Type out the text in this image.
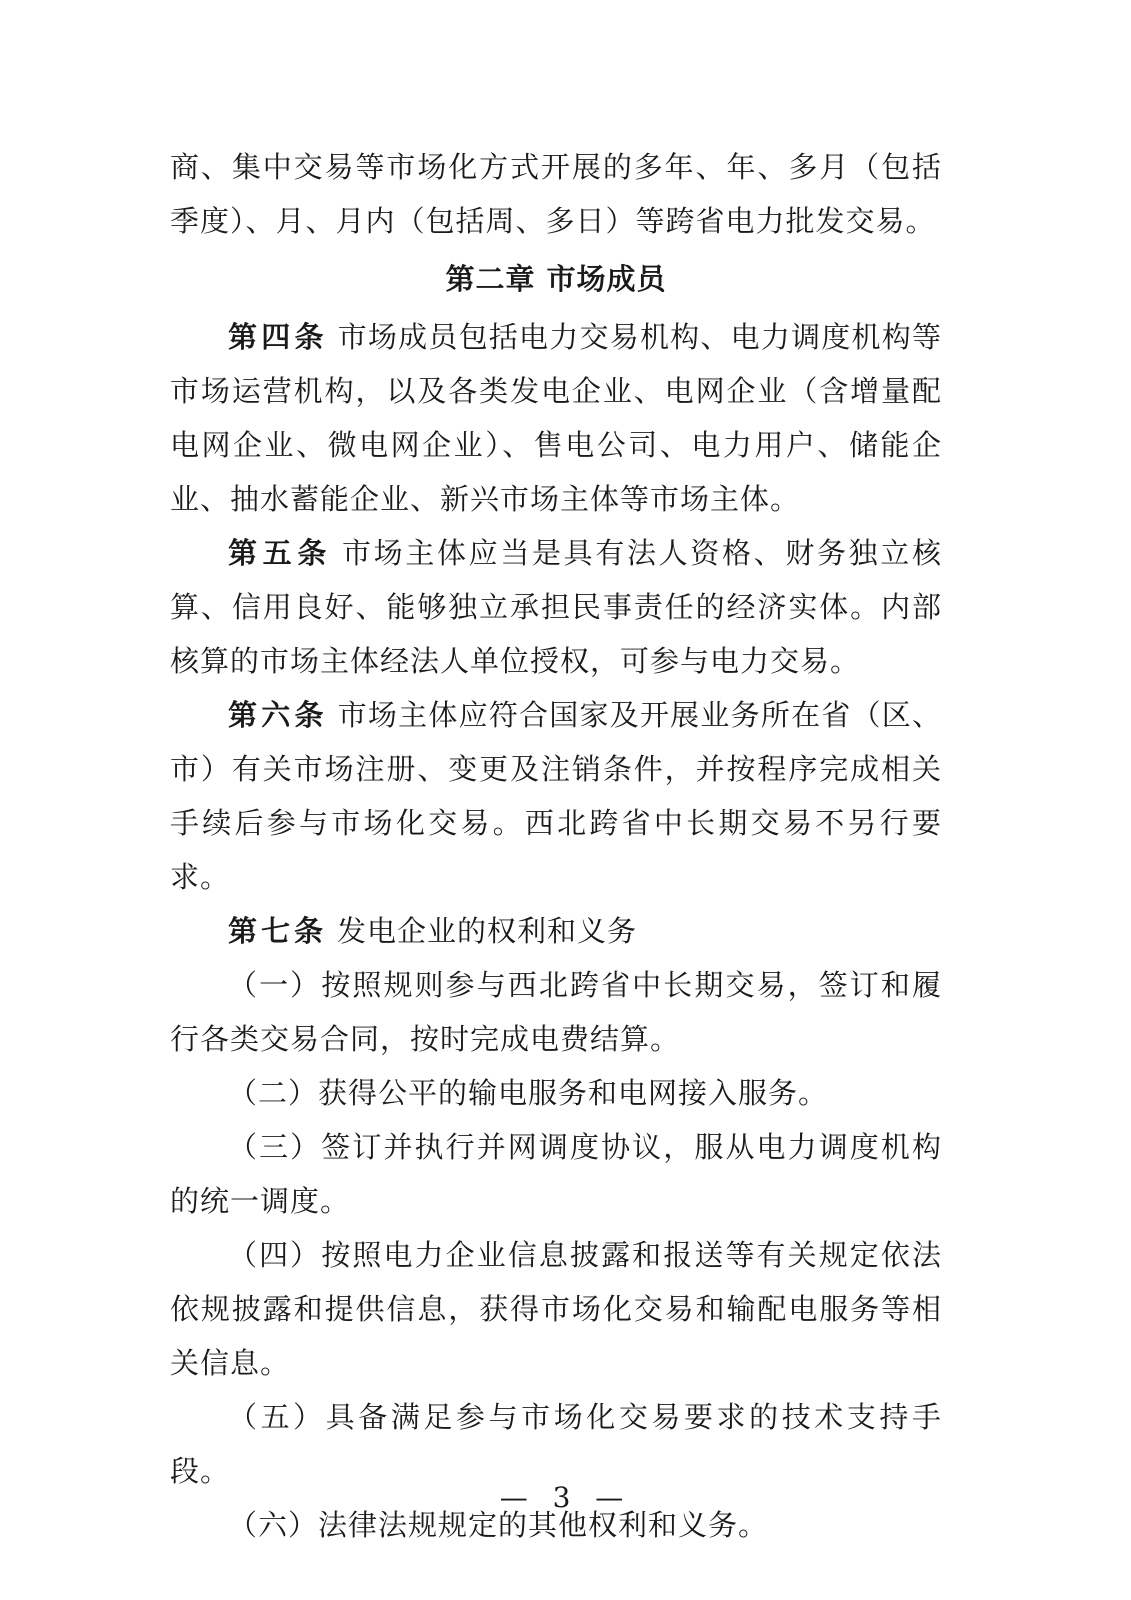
商、集中交易等市场化方式开展的多年、年、多月（包括季度）、月、月内（包括周、多日）等跨省电力批发交易。

第二章 市场成员

第四条 市场成员包括电力交易机构、电力调度机构等市场运营机构，以及各类发电企业、电网企业（含增量配电网企业、微电网企业）、售电公司、电力用户、储能企业、抽水蓄能企业、新兴市场主体等市场主体。

第五条 市场主体应当是具有法人资格、财务独立核算、信用良好、能够独立承担民事责任的经济实体。内部核算的市场主体经法人单位授权，可参与电力交易。

第六条 市场主体应符合国家及开展业务所在省（区、市）有关市场注册、变更及注销条件，并按程序完成相关手续后参与市场化交易。西北跨省中长期交易不另行要求。

第七条 发电企业的权利和义务

（一）按照规则参与西北跨省中长期交易，签订和履行各类交易合同，按时完成电费结算。

（二）获得公平的输电服务和电网接入服务。

（三）签订并执行并网调度协议，服从电力调度机构的统一调度。

（四）按照电力企业信息披露和报送等有关规定依法依规披露和提供信息，获得市场化交易和输配电服务等相关信息。

（五）具备满足参与市场化交易要求的技术支持手段。

（六）法律法规规定的其他权利和义务。

— 3 —
